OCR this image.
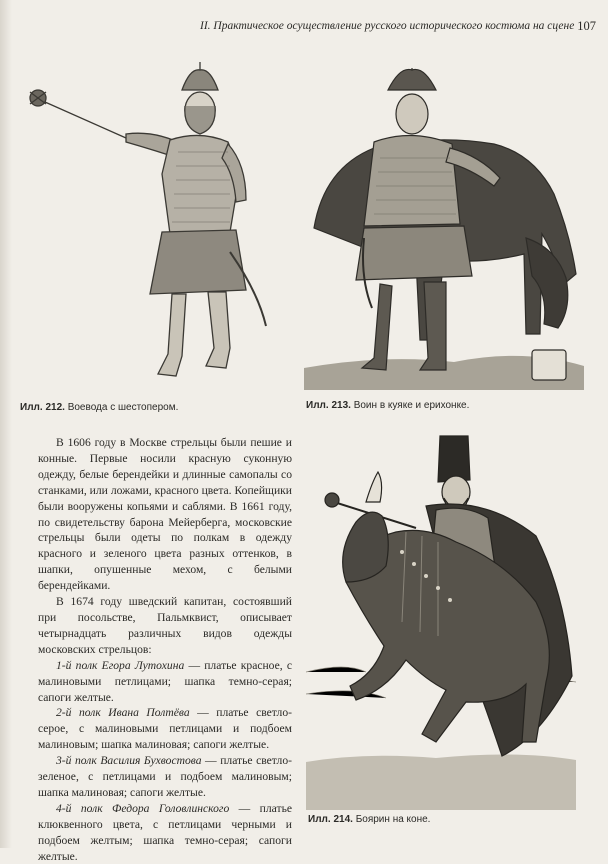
II. Практическое осуществление русского исторического костюма на сцене 107
Илл. 212. Воевода с шестопером.	Илл. 213. Воин в куяке и ерихонке.

В 1606 году в Москве стрельцы были пешие и конные. Первые носили красную суконную одежду, белые берендейки и длинные самопалы со станками, или ложами, красного цвета. Копейщики были вооружены копьями и саблями. В 1661 году, по свидетельству барона Мейерберга, московские стрельцы были одеты по полкам в одежду красного и зеленого цвета разных оттенков, в шапки, опушенные мехом, с белыми берендейками.

В 1674 году шведский капитан, состоявший при посольстве, Пальмквист, описывает четырнадцать различных видов одежды московских стрельцов:

1-й полк Егора Лутохина — платье красное, с малиновыми петлицами; шапка темно-серая; сапоги желтые.

2-й полк Ивана Полтёва — платье светло-серое, с малиновыми петлицами и подбоем малиновым; шапка малиновая; сапоги желтые.

3-й полк Василия Бухвостова — платье светло-зеленое, с петлицами и подбоем малиновым; шапка малиновая; сапоги желтые.

4-й полк Федора Головлинского — платье клюквенного цвета, с петлицами черными и подбоем желтым; шапка темно-серая; сапоги желтые.

Илл. 214. Боярин на коне.
